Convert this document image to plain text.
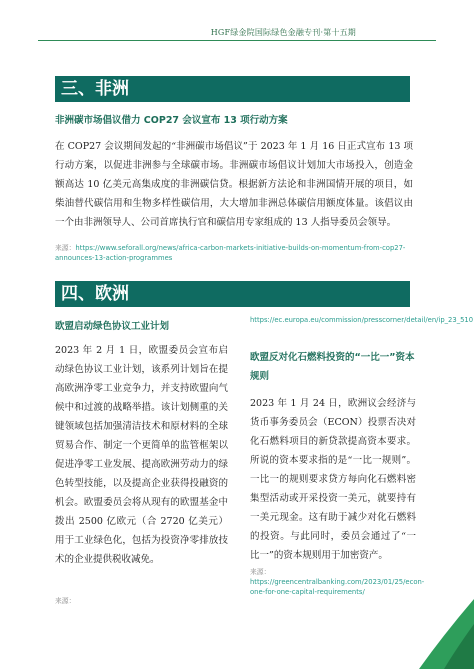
HGF绿金院国际绿色金融专刊·第十五期
三、非洲
非洲碳市场倡议借力 COP27 会议宣布 13 项行动方案
在 COP27 会议期间发起的“非洲碳市场倡议”于 2023 年 1 月 16 日正式宣布 13 项行动方案，以促进非洲参与全球碳市场。非洲碳市场倡议计划加大市场投入，创造金额高达 10 亿美元高集成度的非洲碳信贷。根据新方法论和非洲国情开展的项目，如柴油替代碳信用和生物多样性碳信用，大大增加非洲总体碳信用额度体量。该倡议由一个由非洲领导人、公司首席执行官和碳信用专家组成的 13 人指导委员会领导。
来源：https://www.seforall.org/news/africa-carbon-markets-initiative-builds-on-momentum-from-cop27-announces-13-action-programmes
四、欧洲
欧盟启动绿色协议工业计划
2023 年 2 月 1 日，欧盟委员会宣布启动绿色协议工业计划，该系列计划旨在提高欧洲净零工业竞争力，并支持欧盟向气候中和过渡的战略举措。该计划侧重的关键领域包括加强清洁技术和原材料的全球贸易合作、制定一个更简单的监管框架以促进净零工业发展、提高欧洲劳动力的绿色转型技能，以及提高企业获得投融资的机会。欧盟委员会将从现有的欧盟基金中拨出 2500 亿欧元（合 2720 亿美元）用于工业绿色化，包括为投资净零排放技术的企业提供税收减免。
来源：
https://ec.europa.eu/commission/presscorner/detail/en/ip_23_510
欧盟反对化石燃料投资的“一比一”资本规则
2023 年 1 月 24 日，欧洲议会经济与货币事务委员会（ECON）投票否决对化石燃料项目的新贷款提高资本要求。所说的资本要求指的是“一比一规则”。一比一的规则要求贷方每向化石燃料密集型活动或开采投资一美元，就要持有一美元现金。这有助于减少对化石燃料的投资。与此同时，委员会通过了“一比一”的资本规则用于加密资产。
来源：
https://greencentralbanking.com/2023/01/25/econ-one-for-one-capital-requirements/
